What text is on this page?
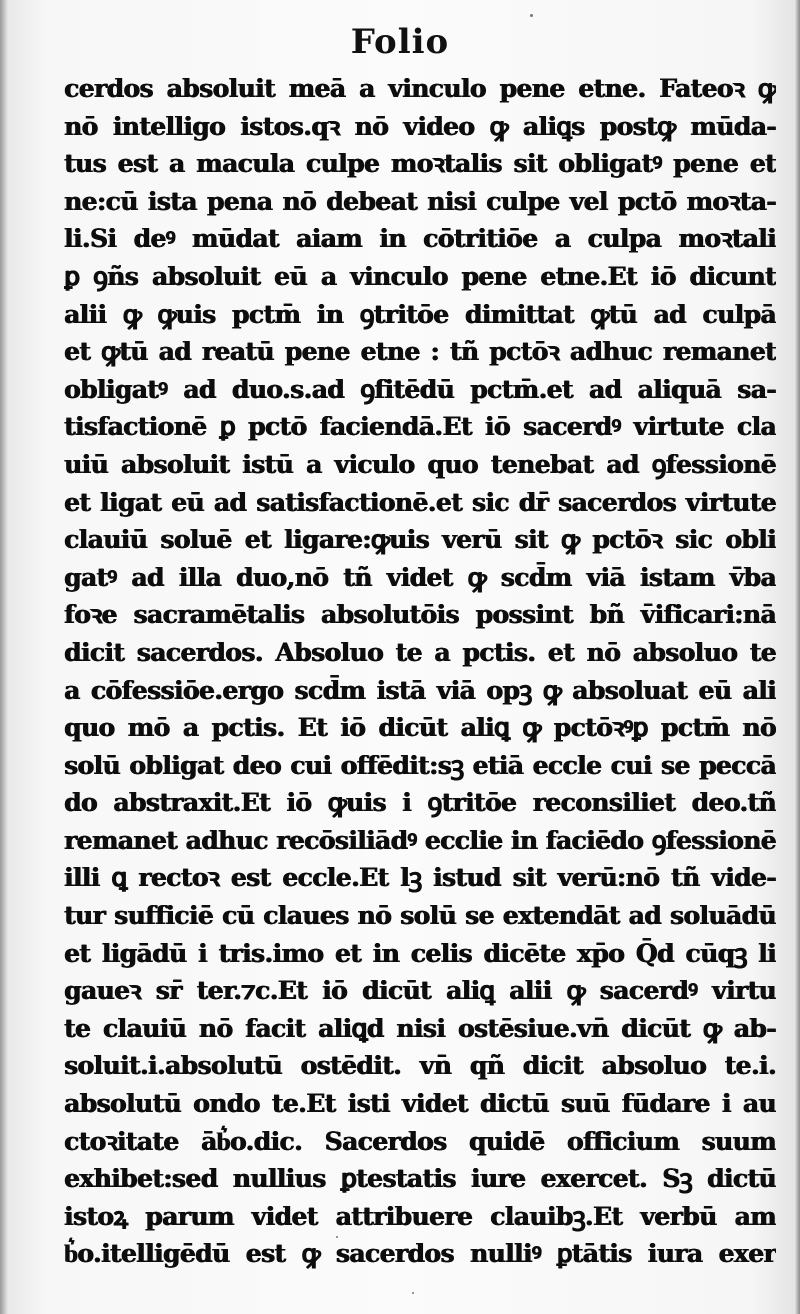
Folio
cerdos absoluit meā a vinculo pene etne. Fateoꝛ ꝙ
nō intelligo istos.qꝛ nō video ꝙ aliꝗs postꝙ mūda-
tus est a macula culpe moꝛtalis sit obligatꝰ pene et
ne:cū ista pena nō debeat nisi culpe vel pctō moꝛta-
li.Si deꝰ mūdat aiam in cōtritiōe a culpa moꝛtali
ꝑ ꝯñs absoluit eū a vinculo pene etne.Et iō dicunt
alii ꝙ ꝙuis pctm̄ in ꝯtritōe dimittat ꝙtū ad culpā
et ꝙtū ad reatū pene etne : tñ pctōꝛ adhuc remanet
obligatꝰ ad duo.s.ad ꝯfitēdū pctm̄.et ad aliquā sa-
tisfactionē ꝑ pctō faciendā.Et iō sacerdꝰ virtute cla
uiū absoluit istū a viculo quo tenebat ad ꝯfessionē
et ligat eū ad satisfactionē.et sic dr̄ sacerdos virtute
clauiū soluē et ligare:ꝙuis verū sit ꝙ pctōꝛ sic obli
gatꝰ ad illa duo,nō tñ videt ꝙ scd̄m viā istam v̄ba
foꝛe sacramētalis absolutōis possint bñ v̄ificari:nā
dicit sacerdos. Absoluo te a pctis. et nō absoluo te
a cōfessiōe.ergo scd̄m istā viā opꝫ ꝙ absoluat eū ali
quo mō a pctis. Et iō dicūt aliꝗ ꝙ pctōꝛꝰꝑ pctm̄ nō
solū obligat deo cui offēdit:sꝫ etiā eccle cui se peccā
do abstraxit.Et iō ꝙuis i ꝯtritōe reconsiliet deo.tñ
remanet adhuc recōsiliādꝰ ecclie in faciēdo ꝯfessionē
illi ꝗ rectoꝛ est eccle.Et lꝫ istud sit verū:nō tñ vide-
tur sufficiē cū claues nō solū se extendāt ad soluādū
et ligādū i tris.imo et in celis dicēte xp̄o Q̄d cūqꝫ li
gaueꝛ sr̄ ter.⁊c.Et iō dicūt aliꝗ alii ꝙ sacerdꝰ virtu
te clauiū nō facit aliꝗd nisi ostēsiue.vn̄ dicūt ꝙ ab-
soluit.i.absolutū ostēdit. vn̄ qñ dicit absoluo te.i.
absolutū ondo te.Et isti videt dictū suū fūdare i au
ctoꝛitate āb͛o.dic. Sacerdos quidē officium suum
exhibet:sed nullius ꝑtestatis iure exercet. Sꝫ dictū
istoꝝ parum videt attribuere clauibꝫ.Et verbū am
b͛o.itelligēdū est ꝙ sacerdos nulliꝰ ꝑtātis iura exer
